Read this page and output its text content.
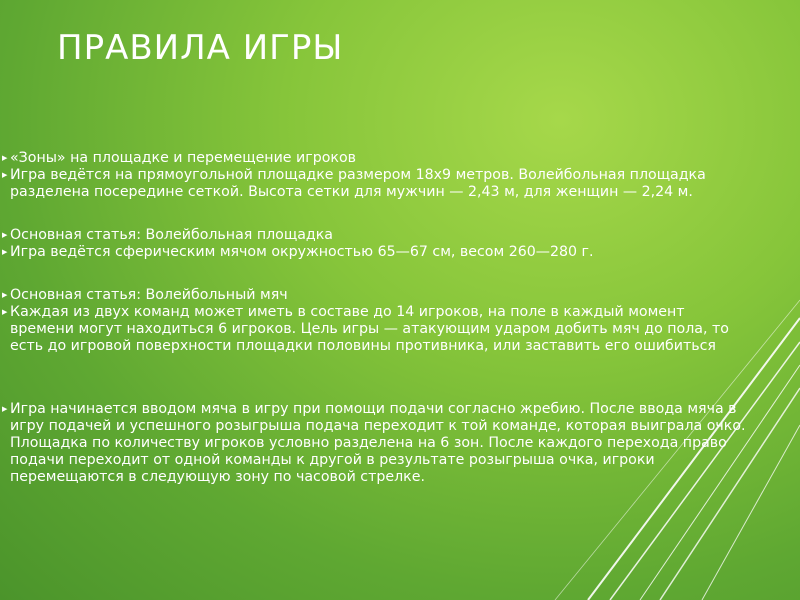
ПРАВИЛА ИГРЫ
▶ «Зоны» на площадке и перемещение игроков
▶ Игра ведётся на прямоугольной площадке размером 18x9 метров. Волейбольная площадка разделена посередине сеткой. Высота сетки для мужчин — 2,43 м, для женщин — 2,24 м.
▶ Основная статья: Волейбольная площадка
▶ Игра ведётся сферическим мячом окружностью 65—67 см, весом 260—280 г.
▶ Основная статья: Волейбольный мяч
▶ Каждая из двух команд может иметь в составе до 14 игроков, на поле в каждый момент времени могут находиться 6 игроков. Цель игры — атакующим ударом добить мяч до пола, то есть до игровой поверхности площадки половины противника, или заставить его ошибиться
▶ Игра начинается вводом мяча в игру при помощи подачи согласно жребию. После ввода мяча в игру подачей и успешного розыгрыша подача переходит к той команде, которая выиграла очко. Площадка по количеству игроков условно разделена на 6 зон. После каждого перехода право подачи переходит от одной команды к другой в результате розыгрыша очка, игроки перемещаются в следующую зону по часовой стрелке.
